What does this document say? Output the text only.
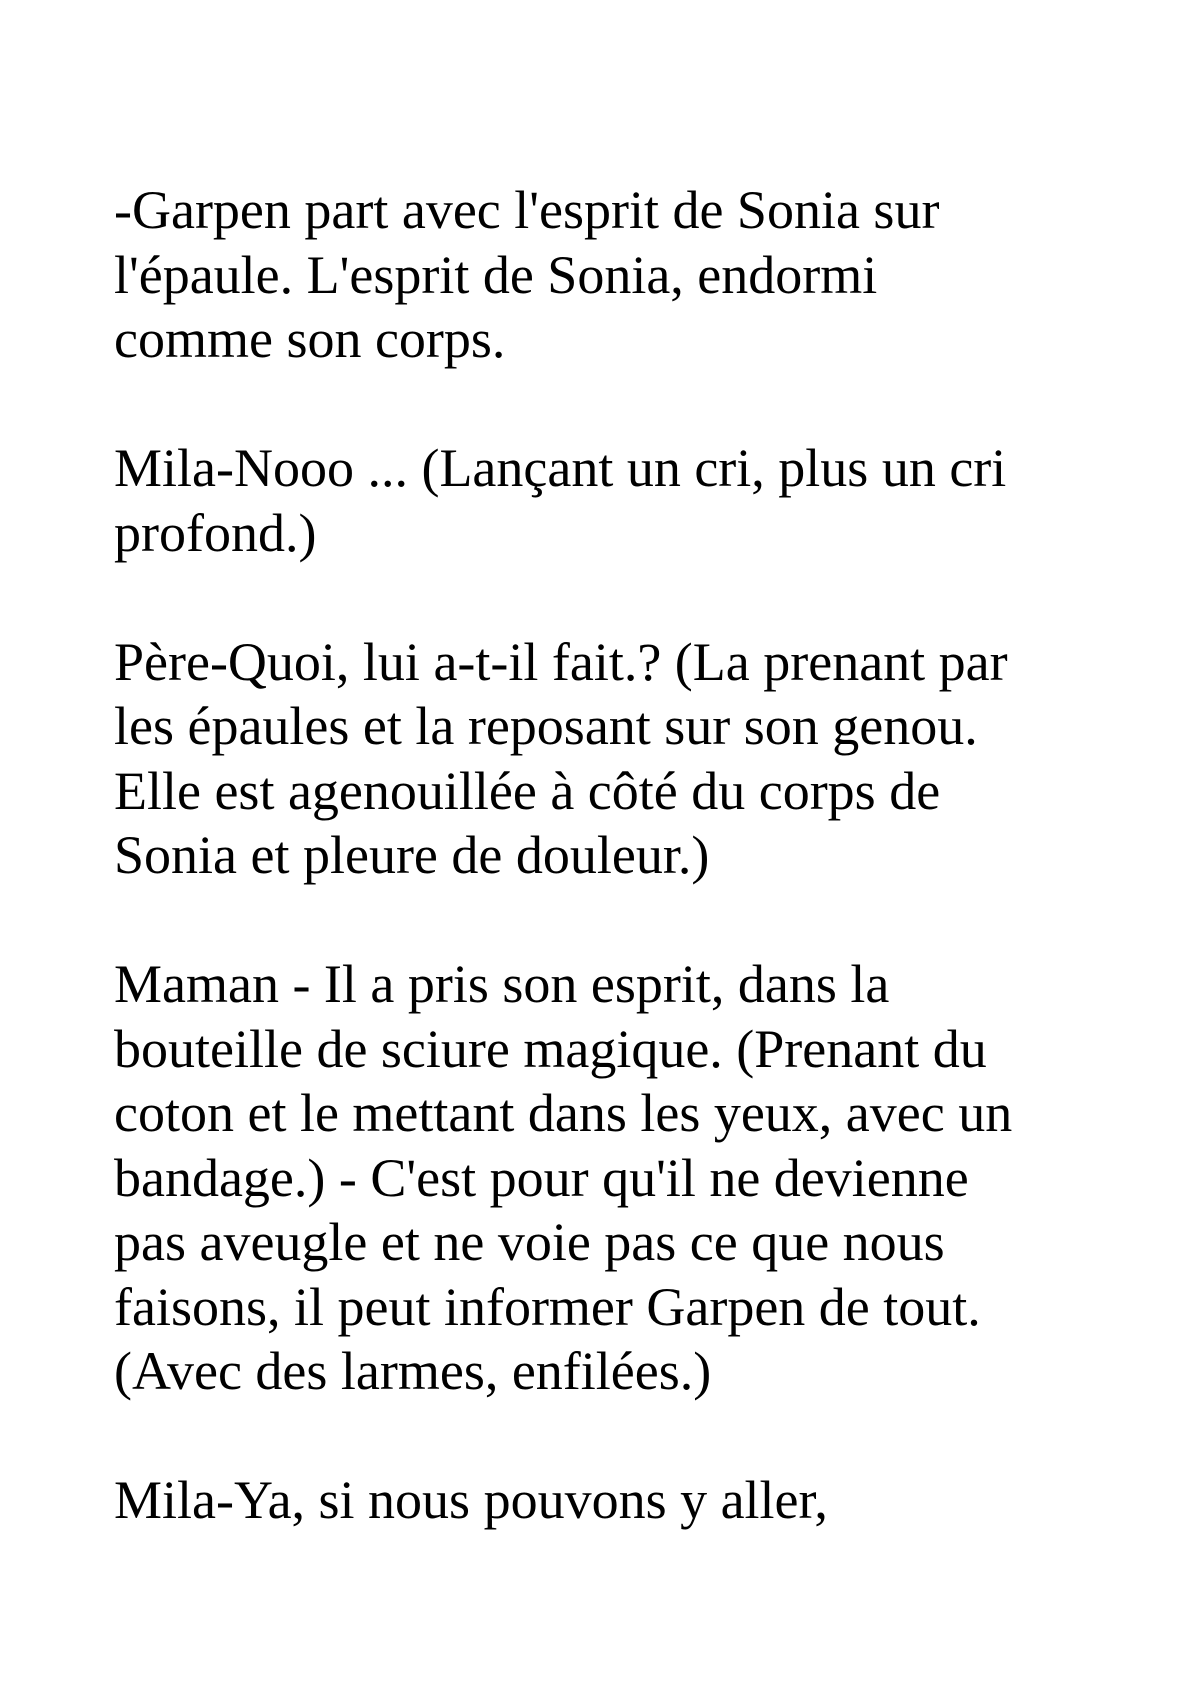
-Garpen part avec l'esprit de Sonia sur
l'épaule. L'esprit de Sonia, endormi
comme son corps.

Mila-Nooo ... (Lançant un cri, plus un cri
profond.)

Père-Quoi, lui a-t-il fait.? (La prenant par
les épaules et la reposant sur son genou.
Elle est agenouillée à côté du corps de
Sonia et pleure de douleur.)

Maman - Il a pris son esprit, dans la
bouteille de sciure magique. (Prenant du
coton et le mettant dans les yeux, avec un
bandage.) - C'est pour qu'il ne devienne
pas aveugle et ne voie pas ce que nous
faisons, il peut informer Garpen de tout.
(Avec des larmes, enfilées.)

Mila-Ya, si nous pouvons y aller,
